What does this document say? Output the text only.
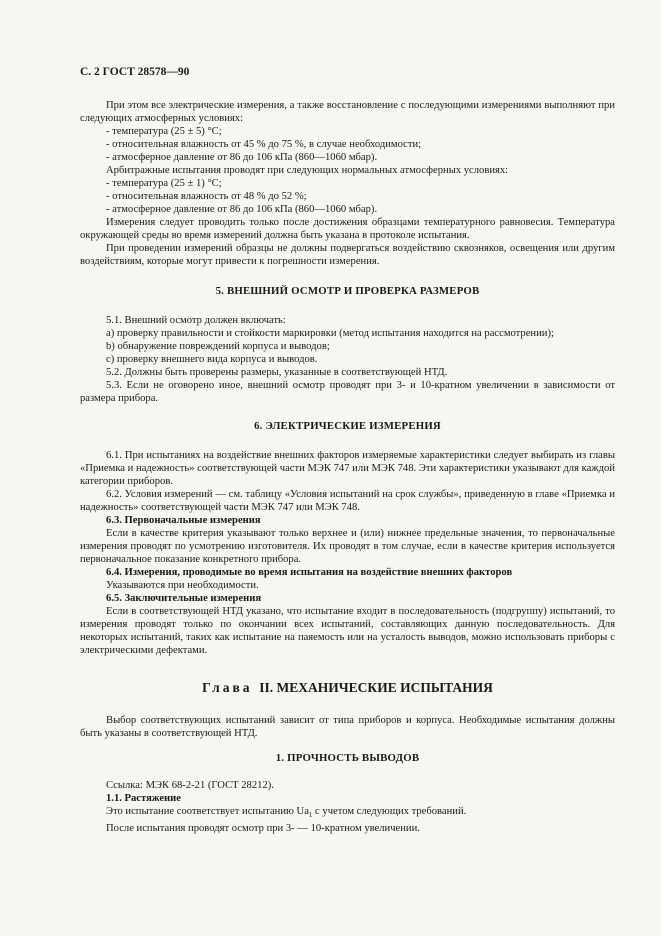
С. 2 ГОСТ 28578—90

При этом все электрические измерения, а также восстановление с последующими измерениями выполняют при следующих атмосферных условиях:

- температура (25 ± 5) °С;

- относительная влажность от 45 % до 75 %, в случае необходимости;

- атмосферное давление от 86 до 106 кПа (860—1060 мбар).

Арбитражные испытания проводят при следующих нормальных атмосферных условиях:

- температура (25 ± 1) °С;

- относительная влажность от 48 % до 52 %;

- атмосферное давление от 86 до 106 кПа (860—1060 мбар).

Измерения следует проводить только после достижения образцами температурного равновесия. Температура окружающей среды во время измерений должна быть указана в протоколе испытания.

При проведении измерений образцы не должны подвергаться воздействию сквозняков, освещения или другим воздействиям, которые могут привести к погрешности измерения.

5. ВНЕШНИЙ ОСМОТР И ПРОВЕРКА РАЗМЕРОВ

5.1. Внешний осмотр должен включать:

а) проверку правильности и стойкости маркировки (метод испытания находится на рассмотрении);

b) обнаружение повреждений корпуса и выводов;

с) проверку внешнего вида корпуса и выводов.

5.2. Должны быть проверены размеры, указанные в соответствующей НТД.

5.3. Если не оговорено иное, внешний осмотр проводят при 3- и 10-кратном увеличении в зависимости от размера прибора.

6. ЭЛЕКТРИЧЕСКИЕ ИЗМЕРЕНИЯ

6.1. При испытаниях на воздействие внешних факторов измеряемые характеристики следует выбирать из главы «Приемка и надежность» соответствующей части МЭК 747 или МЭК 748. Эти характеристики указывают для каждой категории приборов.

6.2. Условия измерений — см. таблицу «Условия испытаний на срок службы», приведенную в главе «Приемка и надежность» соответствующей части МЭК 747 или МЭК 748.

6.3. Первоначальные измерения

Если в качестве критерия указывают только верхнее и (или) нижнее предельные значения, то первоначальные измерения проводят по усмотрению изготовителя. Их проводят в том случае, если в качестве критерия используется первоначальное показание конкретного прибора.

6.4. Измерения, проводимые во время испытания на воздействие внешних факторов

Указываются при необходимости.

6.5. Заключительные измерения

Если в соответствующей НТД указано, что испытание входит в последовательность (подгруппу) испытаний, то измерения проводят только по окончании всех испытаний, составляющих данную последовательность. Для некоторых испытаний, таких как испытание на паяемость или на усталость выводов, можно использовать приборы с электрическими дефектами.

Глава II. МЕХАНИЧЕСКИЕ ИСПЫТАНИЯ

Выбор соответствующих испытаний зависит от типа приборов и корпуса. Необходимые испытания должны быть указаны в соответствующей НТД.

1. ПРОЧНОСТЬ ВЫВОДОВ

Ссылка: МЭК 68-2-21 (ГОСТ 28212).

1.1. Растяжение

Это испытание соответствует испытанию $Ua_1$ с учетом следующих требований.

После испытания проводят осмотр при 3- — 10-кратном увеличении.
